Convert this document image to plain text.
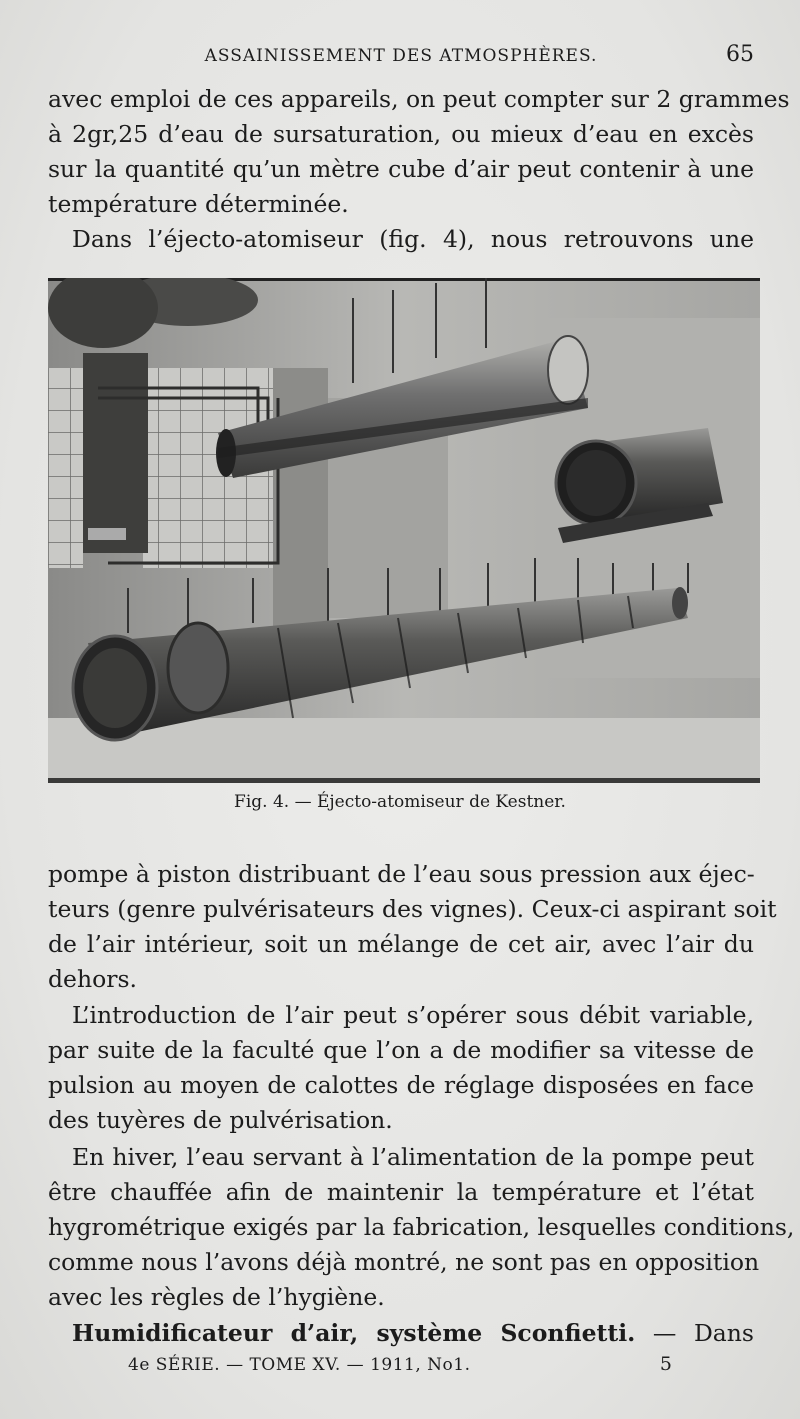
ASSAINISSEMENT DES ATMOSPHÈRES.	65
avec emploi de ces appareils, on peut compter sur 2 grammes
à 2gr,25 d’eau de sursaturation, ou mieux d’eau en excès
sur la quantité qu’un mètre cube d’air peut contenir à une
température déterminée.
Dans l’éjecto-atomiseur (fig. 4), nous retrouvons une
Fig. 4. — Éjecto-atomiseur de Kestner.
pompe à piston distribuant de l’eau sous pression aux éjec-
teurs (genre pulvérisateurs des vignes). Ceux-ci aspirant soit
de l’air intérieur, soit un mélange de cet air, avec l’air du
dehors.
L’introduction de l’air peut s’opérer sous débit variable,
par suite de la faculté que l’on a de modifier sa vitesse de
pulsion au moyen de calottes de réglage disposées en face
des tuyères de pulvérisation.
En hiver, l’eau servant à l’alimentation de la pompe peut
être chauffée afin de maintenir la température et l’état
hygrométrique exigés par la fabrication, lesquelles conditions,
comme nous l’avons déjà montré, ne sont pas en opposition
avec les règles de l’hygiène.
Humidificateur d’air, système Sconfietti. — Dans
4e SÉRIE. — TOME XV. — 1911, No1.	5
